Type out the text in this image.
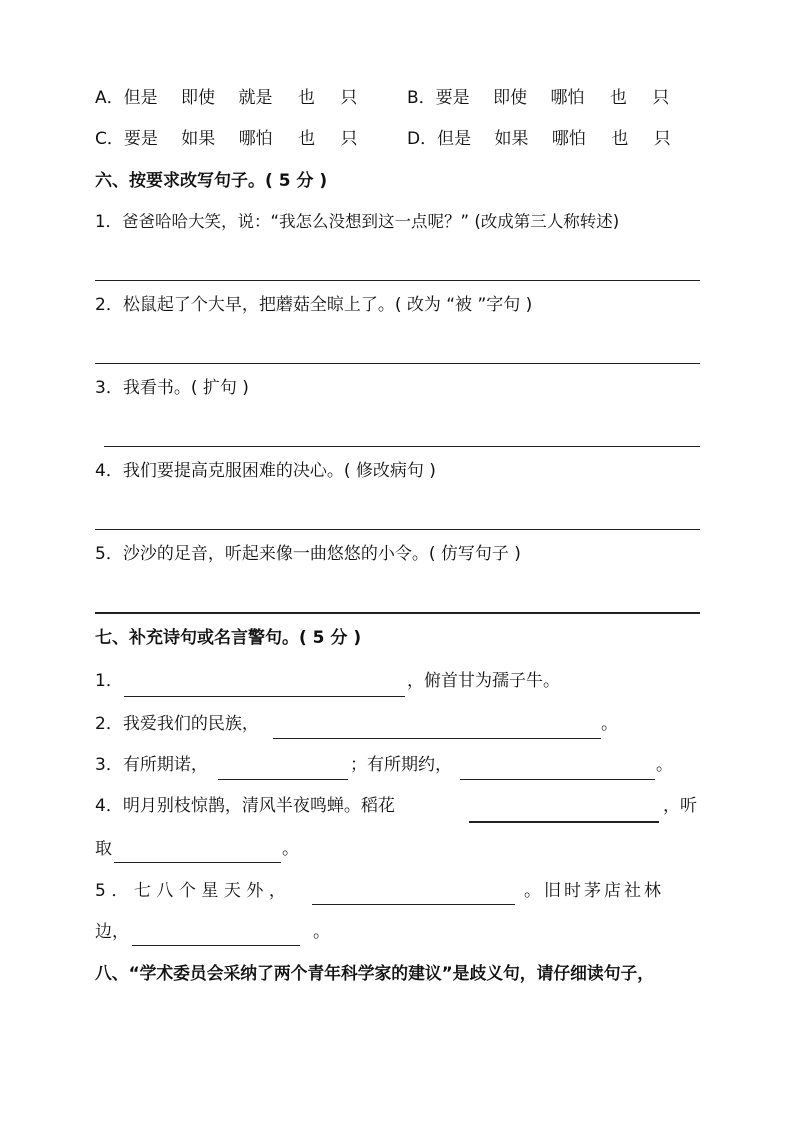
A．但是 即使 就是 也 只	B．要是 即使 哪怕 也 只
C．要是 如果 哪怕 也 只	D．但是 如果 哪怕 也 只
六、按要求改写句子。( 5 分 )
1．爸爸哈哈大笑，说：“我怎么没想到这一点呢？” (改成第三人称转述)
2．松鼠起了个大早，把蘑菇全晾上了。( 改为 “被 ”字句 )
3．我看书。( 扩句 )
4．我们要提高克服困难的决心。( 修改病句 )
5．沙沙的足音，听起来像一曲悠悠的小令。( 仿写句子 )
七、补充诗句或名言警句。( 5 分 )
1．	，俯首甘为孺子牛。
2．我爱我们的民族，	。
3．有所期诺，	；有所期约，	。
4．明月别枝惊鹊，清风半夜鸣蝉。稻花	，听
取	。
5．七八个星天外，	。旧时茅店社林
边，	。
八、“学术委员会采纳了两个青年科学家的建议”是歧义句，请仔细读句子，
